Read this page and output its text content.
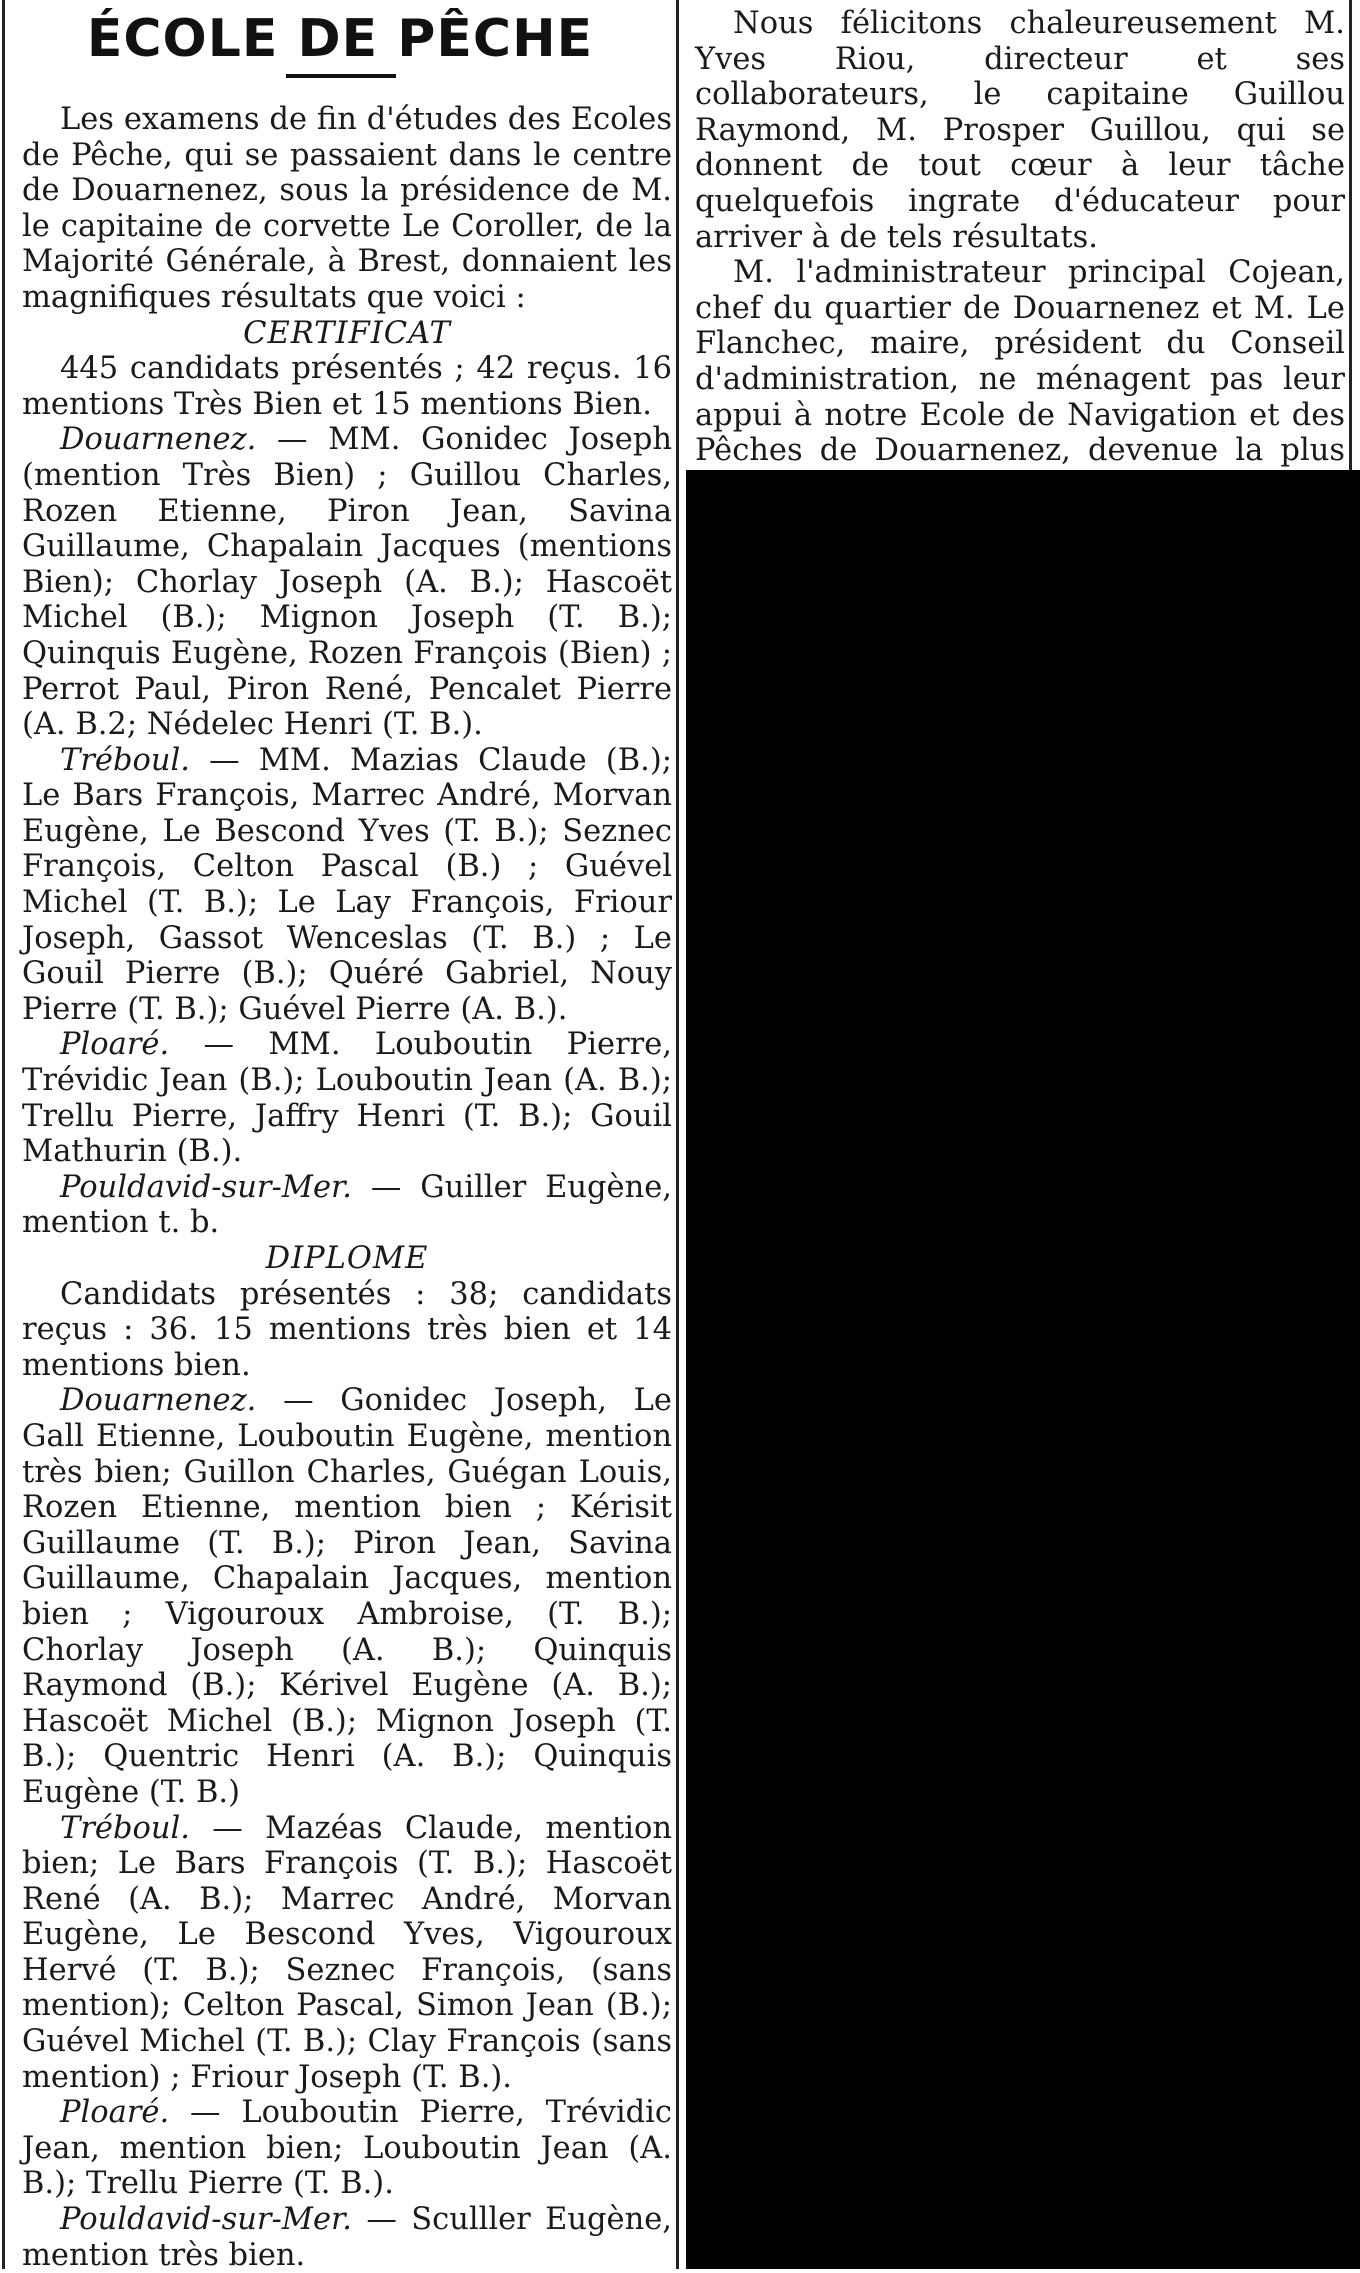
ÉCOLE DE PÊCHE

Les examens de fin d'études des Ecoles de Pêche, qui se passaient dans le centre de Douarnenez, sous la présidence de M. le capitaine de corvette Le Coroller, de la Majorité Générale, à Brest, donnaient les magnifiques résultats que voici :

CERTIFICAT

445 candidats présentés ; 42 reçus. 16 mentions Très Bien et 15 mentions Bien.

Douarnenez. — MM. Gonidec Joseph (mention Très Bien) ; Guillou Charles, Rozen Etienne, Piron Jean, Savina Guillaume, Chapalain Jacques (mentions Bien); Chorlay Joseph (A. B.); Hascoët Michel (B.); Mignon Joseph (T. B.); Quinquis Eugène, Rozen François (Bien) ; Perrot Paul, Piron René, Pencalet Pierre (A. B.2; Nédelec Henri (T. B.).

Tréboul. — MM. Mazias Claude (B.); Le Bars François, Marrec André, Morvan Eugène, Le Bescond Yves (T. B.); Seznec François, Celton Pascal (B.) ; Guével Michel (T. B.); Le Lay François, Friour Joseph, Gassot Wenceslas (T. B.) ; Le Gouil Pierre (B.); Quéré Gabriel, Nouy Pierre (T. B.); Guével Pierre (A. B.).

Ploaré. — MM. Louboutin Pierre, Trévidic Jean (B.); Louboutin Jean (A. B.); Trellu Pierre, Jaffry Henri (T. B.); Gouil Mathurin (B.).

Pouldavid-sur-Mer. — Guiller Eugène, mention t. b.

DIPLOME

Candidats présentés : 38; candidats reçus : 36. 15 mentions très bien et 14 mentions bien.

Douarnenez. — Gonidec Joseph, Le Gall Etienne, Louboutin Eugène, mention très bien; Guillon Charles, Guégan Louis, Rozen Etienne, mention bien ; Kérisit Guillaume (T. B.); Piron Jean, Savina Guillaume, Chapalain Jacques, mention bien ; Vigouroux Ambroise, (T. B.); Chorlay Joseph (A. B.); Quinquis Raymond (B.); Kérivel Eugène (A. B.); Hascoët Michel (B.); Mignon Joseph (T. B.); Quentric Henri (A. B.); Quinquis Eugène (T. B.)

Tréboul. — Mazéas Claude, mention bien; Le Bars François (T. B.); Hascoët René (A. B.); Marrec André, Morvan Eugène, Le Bescond Yves, Vigouroux Hervé (T. B.); Seznec François, (sans mention); Celton Pascal, Simon Jean (B.); Guével Michel (T. B.); Clay François (sans mention) ; Friour Joseph (T. B.).

Ploaré. — Louboutin Pierre, Trévidic Jean, mention bien; Louboutin Jean (A. B.); Trellu Pierre (T. B.).

Pouldavid-sur-Mer. — Sculller Eugène, mention très bien.

Nous félicitons chaleureusement M. Yves Riou, directeur et ses collaborateurs, le capitaine Guillou Raymond, M. Prosper Guillou, qui se donnent de tout cœur à leur tâche quelquefois ingrate d'éducateur pour arriver à de tels résultats.

M. l'administrateur principal Cojean, chef du quartier de Douarnenez et M. Le Flanchec, maire, président du Conseil d'administration, ne ménagent pas leur appui à notre Ecole de Navigation et des Pêches de Douarnenez, devenue la plus
